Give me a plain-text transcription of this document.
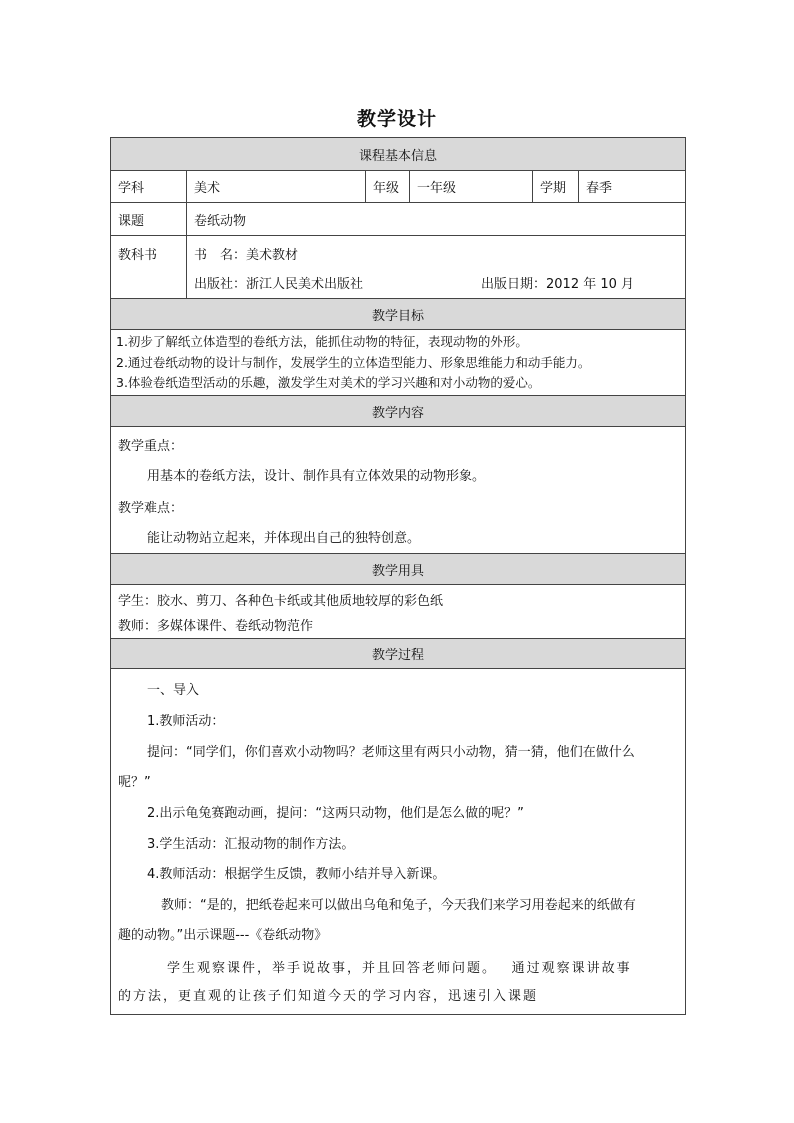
教学设计
课程基本信息
学科	美术	年级	一年级	学期	春季
课题	卷纸动物
教科书	书　名：美术教材
出版社：浙江人民美术出版社	出版日期：2012 年 10 月
教学目标
1.初步了解纸立体造型的卷纸方法，能抓住动物的特征，表现动物的外形。
2.通过卷纸动物的设计与制作，发展学生的立体造型能力、形象思维能力和动手能力。
3.体验卷纸造型活动的乐趣，激发学生对美术的学习兴趣和对小动物的爱心。
教学内容
教学重点：
用基本的卷纸方法，设计、制作具有立体效果的动物形象。
教学难点：
能让动物站立起来，并体现出自己的独特创意。
教学用具
学生：胶水、剪刀、各种色卡纸或其他质地较厚的彩色纸
教师：多媒体课件、卷纸动物范作
教学过程
一、导入
1.教师活动：
提问：“同学们，你们喜欢小动物吗？老师这里有两只小动物，猜一猜，他们在做什么
呢？”
2.出示龟兔赛跑动画，提问：“这两只动物，他们是怎么做的呢？”
3.学生活动：汇报动物的制作方法。
4.教师活动：根据学生反馈，教师小结并导入新课。
教师：“是的，把纸卷起来可以做出乌龟和兔子，今天我们来学习用卷起来的纸做有
趣的动物。”出示课题---《卷纸动物》
学生观察课件，举手说故事，并且回答老师问题。　 通过观察课讲故事
的方法，更直观的让孩子们知道今天的学习内容，迅速引入课题
